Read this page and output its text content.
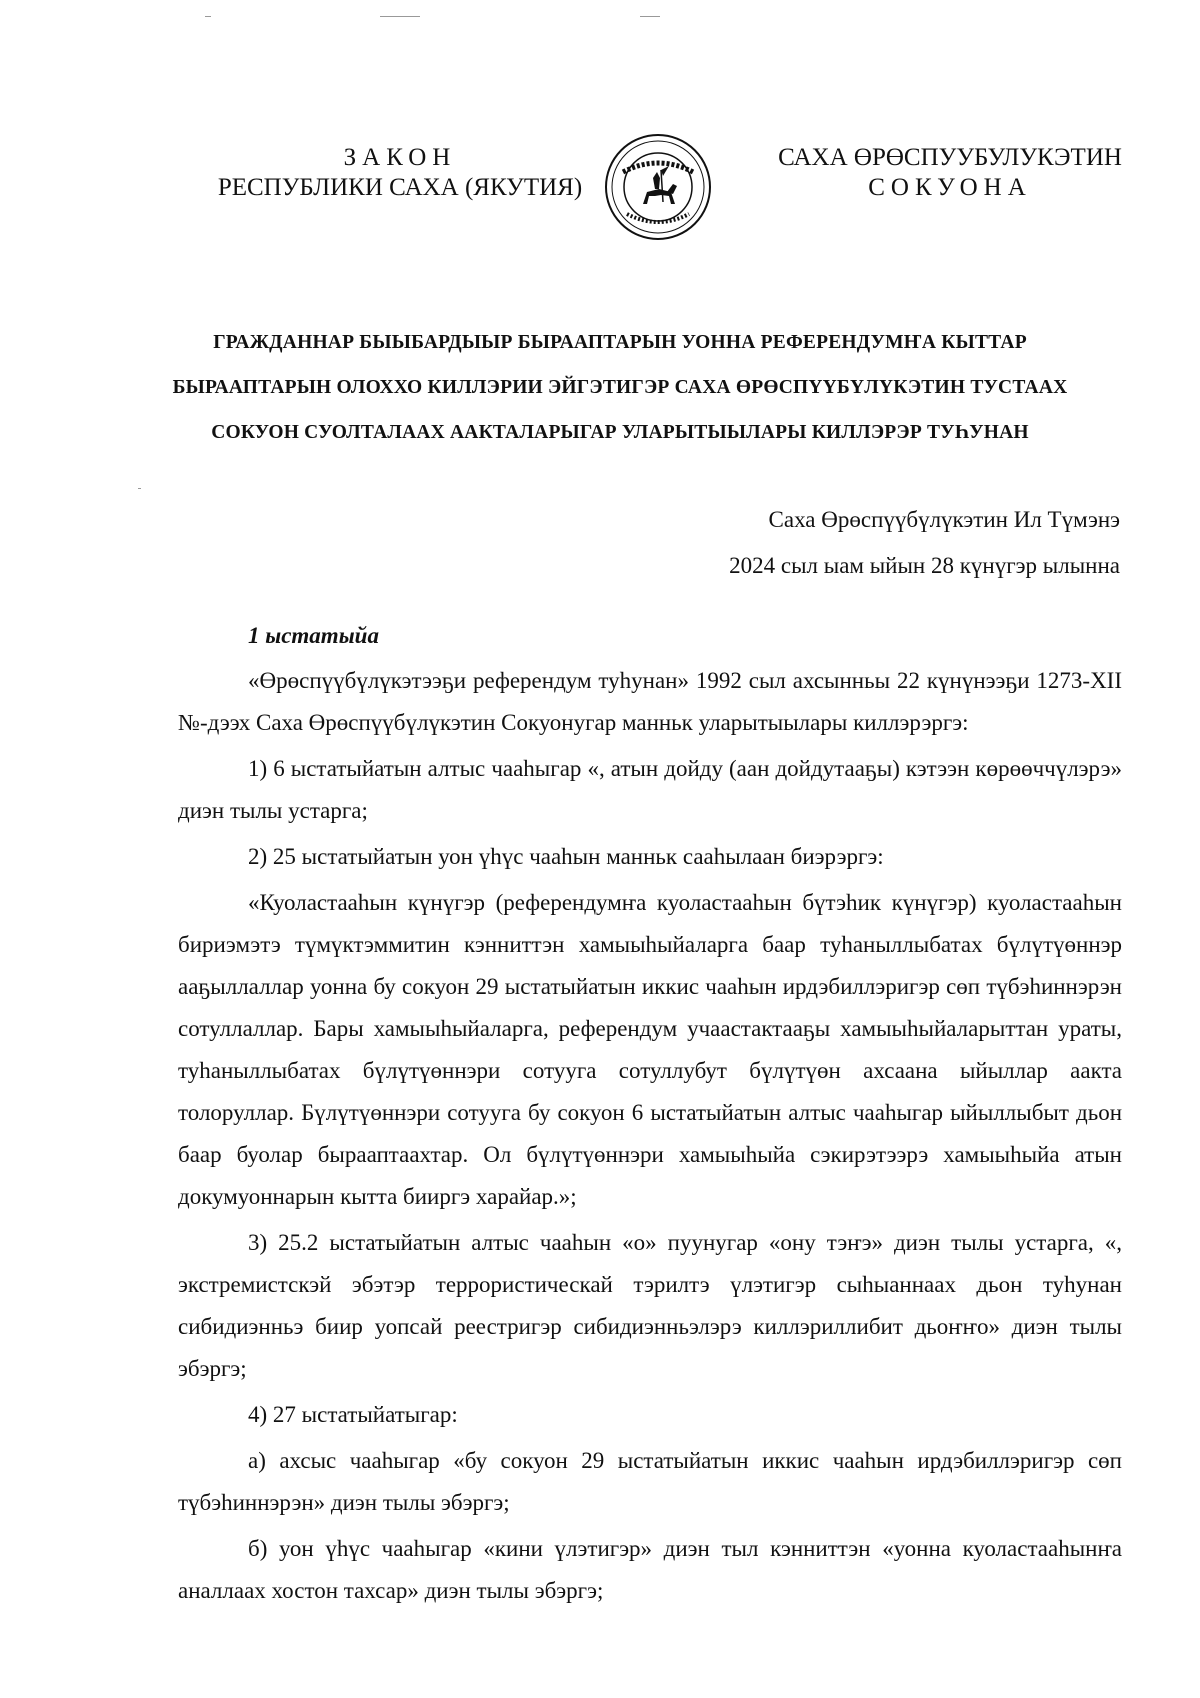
ЗАКОН
РЕСПУБЛИКИ САХА (ЯКУТИЯ)
САХА ӨРӨСПУУБУЛУКЭТИН
СОКУОНА
ГРАЖДАННАР БЫЫБАРДЫЫР БЫРААПТАРЫН УОННА РЕФЕРЕНДУМҤА КЫТТАР
БЫРААПТАРЫН ОЛОХХО КИЛЛЭРИИ ЭЙГЭТИГЭР САХА ӨРӨСПҮҮБҮЛҮКЭТИН ТУСТААХ
СОКУОН СУОЛТАЛААХ ААКТАЛАРЫГАР УЛАРЫТЫЫЛАРЫ КИЛЛЭРЭР ТУҺУНАН
Саха Өрөспүүбүлүкэтин Ил Түмэнэ
2024 сыл ыам ыйын 28 күнүгэр ылынна
1 ыстатыйа

«Өрөспүүбүлүкэтээҕи референдум туһунан» 1992 сыл ахсынньы 22 күнүнээҕи 1273-XII №-дээх Саха Өрөспүүбүлүкэтин Сокуонугар манньк уларытыылары киллэрэргэ:

1) 6 ыстатыйатын алтыс чааһыгар «, атын дойду (аан дойдутааҕы) кэтээн көрөөччүлэрэ» диэн тылы устарга;

2) 25 ыстатыйатын уон үһүс чааһын манньк сааһылаан биэрэргэ:

«Куоластааһын күнүгэр (референдумҥа куоластааһын бүтэһик күнүгэр) куоластааһын бириэмэтэ түмүктэммитин кэнниттэн хамыыһыйаларга баар туһаныллыбатах бүлүтүөннэр ааҕыллаллар уонна бу сокуон 29 ыстатыйатын иккис чааһын ирдэбиллэригэр сөп түбэһиннэрэн сотуллаллар. Бары хамыыһыйаларга, референдум учаастактааҕы хамыыһыйаларыттан ураты, туһаныллыбатах бүлүтүөннэри сотууга сотуллубут бүлүтүөн ахсаана ыйыллар аакта толоруллар. Бүлүтүөннэри сотууга бу сокуон 6 ыстатыйатын алтыс чааһыгар ыйыллыбыт дьон баар буолар бырааптаахтар. Ол бүлүтүөннэри хамыыһыйа сэкирэтээрэ хамыыһыйа атын докумуоннарын кытта бииргэ харайар.»;

3) 25.2 ыстатыйатын алтыс чааһын «о» пуунугар «ону тэҥэ» диэн тылы устарга, «, экстремистскэй эбэтэр террористическай тэрилтэ үлэтигэр сыһыаннаах дьон туһунан сибидиэнньэ биир уопсай реестригэр сибидиэнньэлэрэ киллэриллибит дьоҥҥо» диэн тылы эбэргэ;

4) 27 ыстатыйатыгар:

а) ахсыс чааһыгар «бу сокуон 29 ыстатыйатын иккис чааһын ирдэбиллэригэр сөп түбэһиннэрэн» диэн тылы эбэргэ;

б) уон үһүс чааһыгар «кини үлэтигэр» диэн тыл кэнниттэн «уонна куоластааһынҥа аналлаах хостон тахсар» диэн тылы эбэргэ;
